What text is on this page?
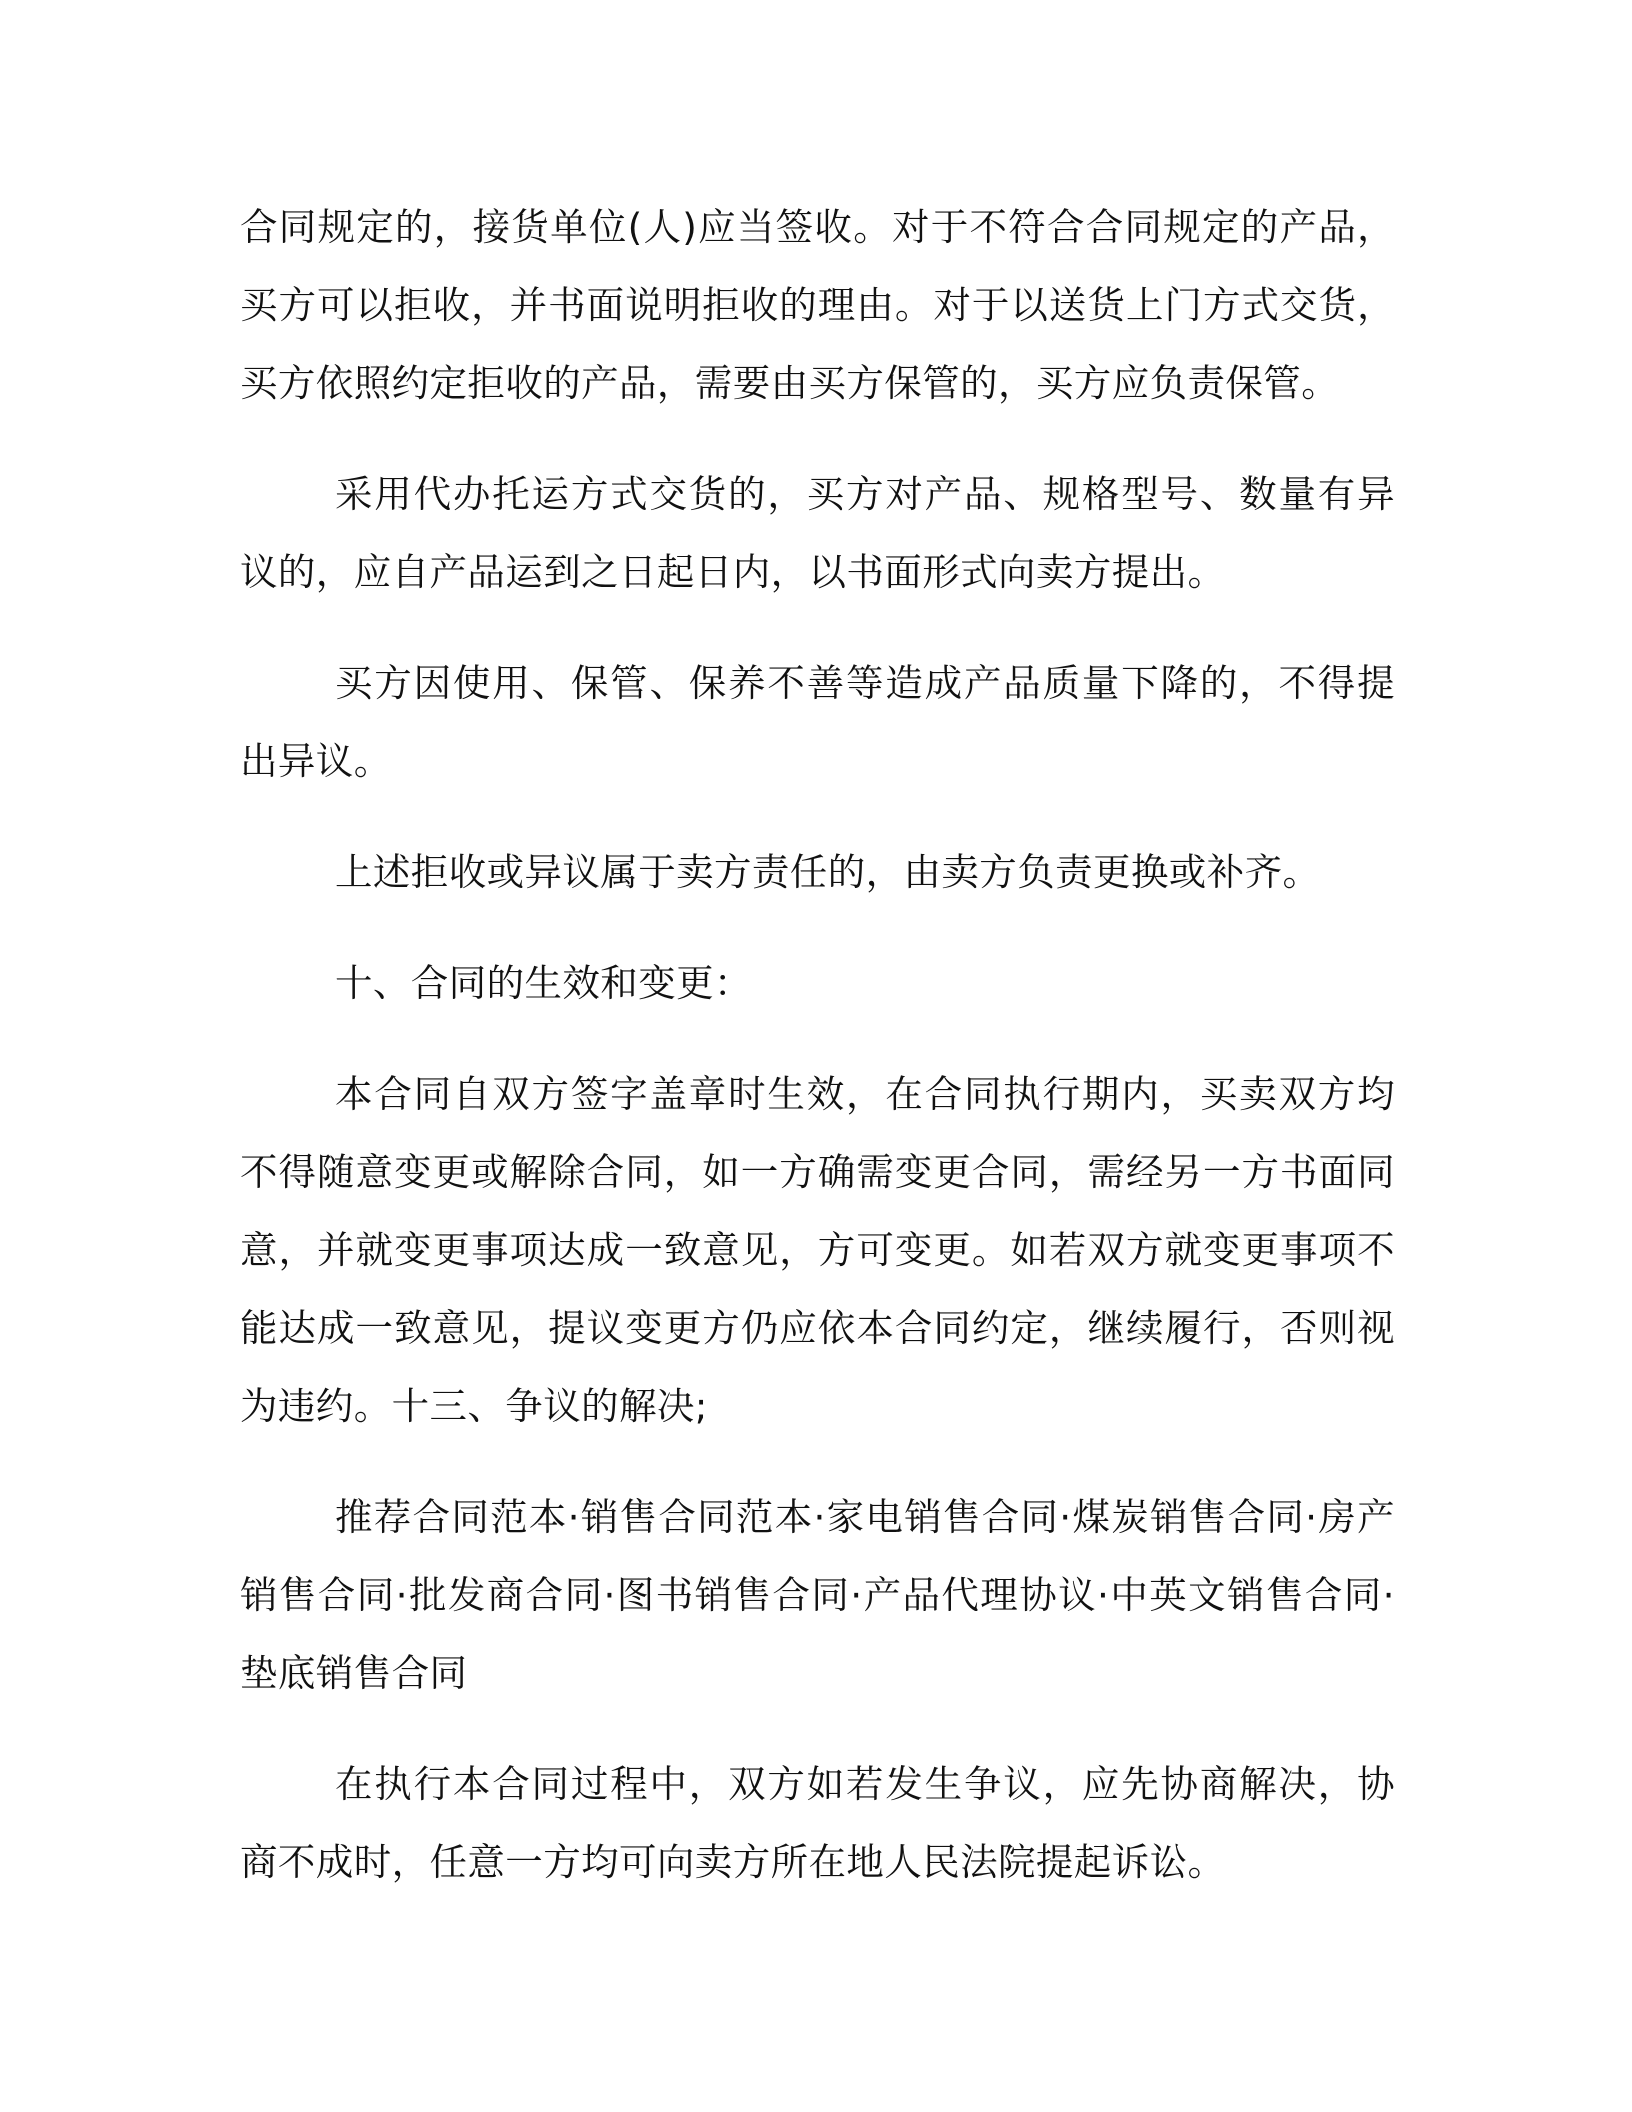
合同规定的，接货单位(人)应当签收。对于不符合合同规定的产品，买方可以拒收，并书面说明拒收的理由。对于以送货上门方式交货，买方依照约定拒收的产品，需要由买方保管的，买方应负责保管。

采用代办托运方式交货的，买方对产品、规格型号、数量有异议的，应自产品运到之日起日内，以书面形式向卖方提出。

买方因使用、保管、保养不善等造成产品质量下降的，不得提出异议。

上述拒收或异议属于卖方责任的，由卖方负责更换或补齐。

十、合同的生效和变更：

本合同自双方签字盖章时生效，在合同执行期内，买卖双方均不得随意变更或解除合同，如一方确需变更合同，需经另一方书面同意，并就变更事项达成一致意见，方可变更。如若双方就变更事项不能达成一致意见，提议变更方仍应依本合同约定，继续履行，否则视为违约。十三、争议的解决;

推荐合同范本·销售合同范本·家电销售合同·煤炭销售合同·房产销售合同·批发商合同·图书销售合同·产品代理协议·中英文销售合同·垫底销售合同

在执行本合同过程中，双方如若发生争议，应先协商解决，协商不成时，任意一方均可向卖方所在地人民法院提起诉讼。
